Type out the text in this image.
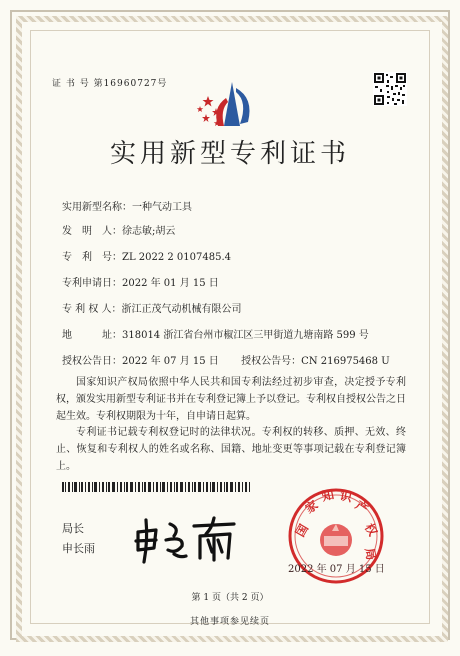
证 书 号 第16960727号
实用新型专利证书
实用新型名称：一种气动工具
发　明　人：徐志敏;胡云
专　利　号：ZL 2022 2 0107485.4
专利申请日：2022 年 01 月 15 日
专 利 权 人：浙江正茂气动机械有限公司
地　　　址：318014 浙江省台州市椒江区三甲街道九塘南路 599 号
授权公告日：2022 年 07 月 15 日 授权公告号：CN 216975468 U
国家知识产权局依照中华人民共和国专利法经过初步审查，决定授予专利权，颁发实用新型专利证书并在专利登记簿上予以登记。专利权自授权公告之日起生效。专利权期限为十年，自申请日起算。
专利证书记载专利权登记时的法律状况。专利权的转移、质押、无效、终止、恢复和专利权人的姓名或名称、国籍、地址变更等事项记载在专利登记簿上。
局长
申长雨
国
家
知 识
产
权
局
2022 年 07 月 15 日
第 1 页（共 2 页）
其他事项参见续页
